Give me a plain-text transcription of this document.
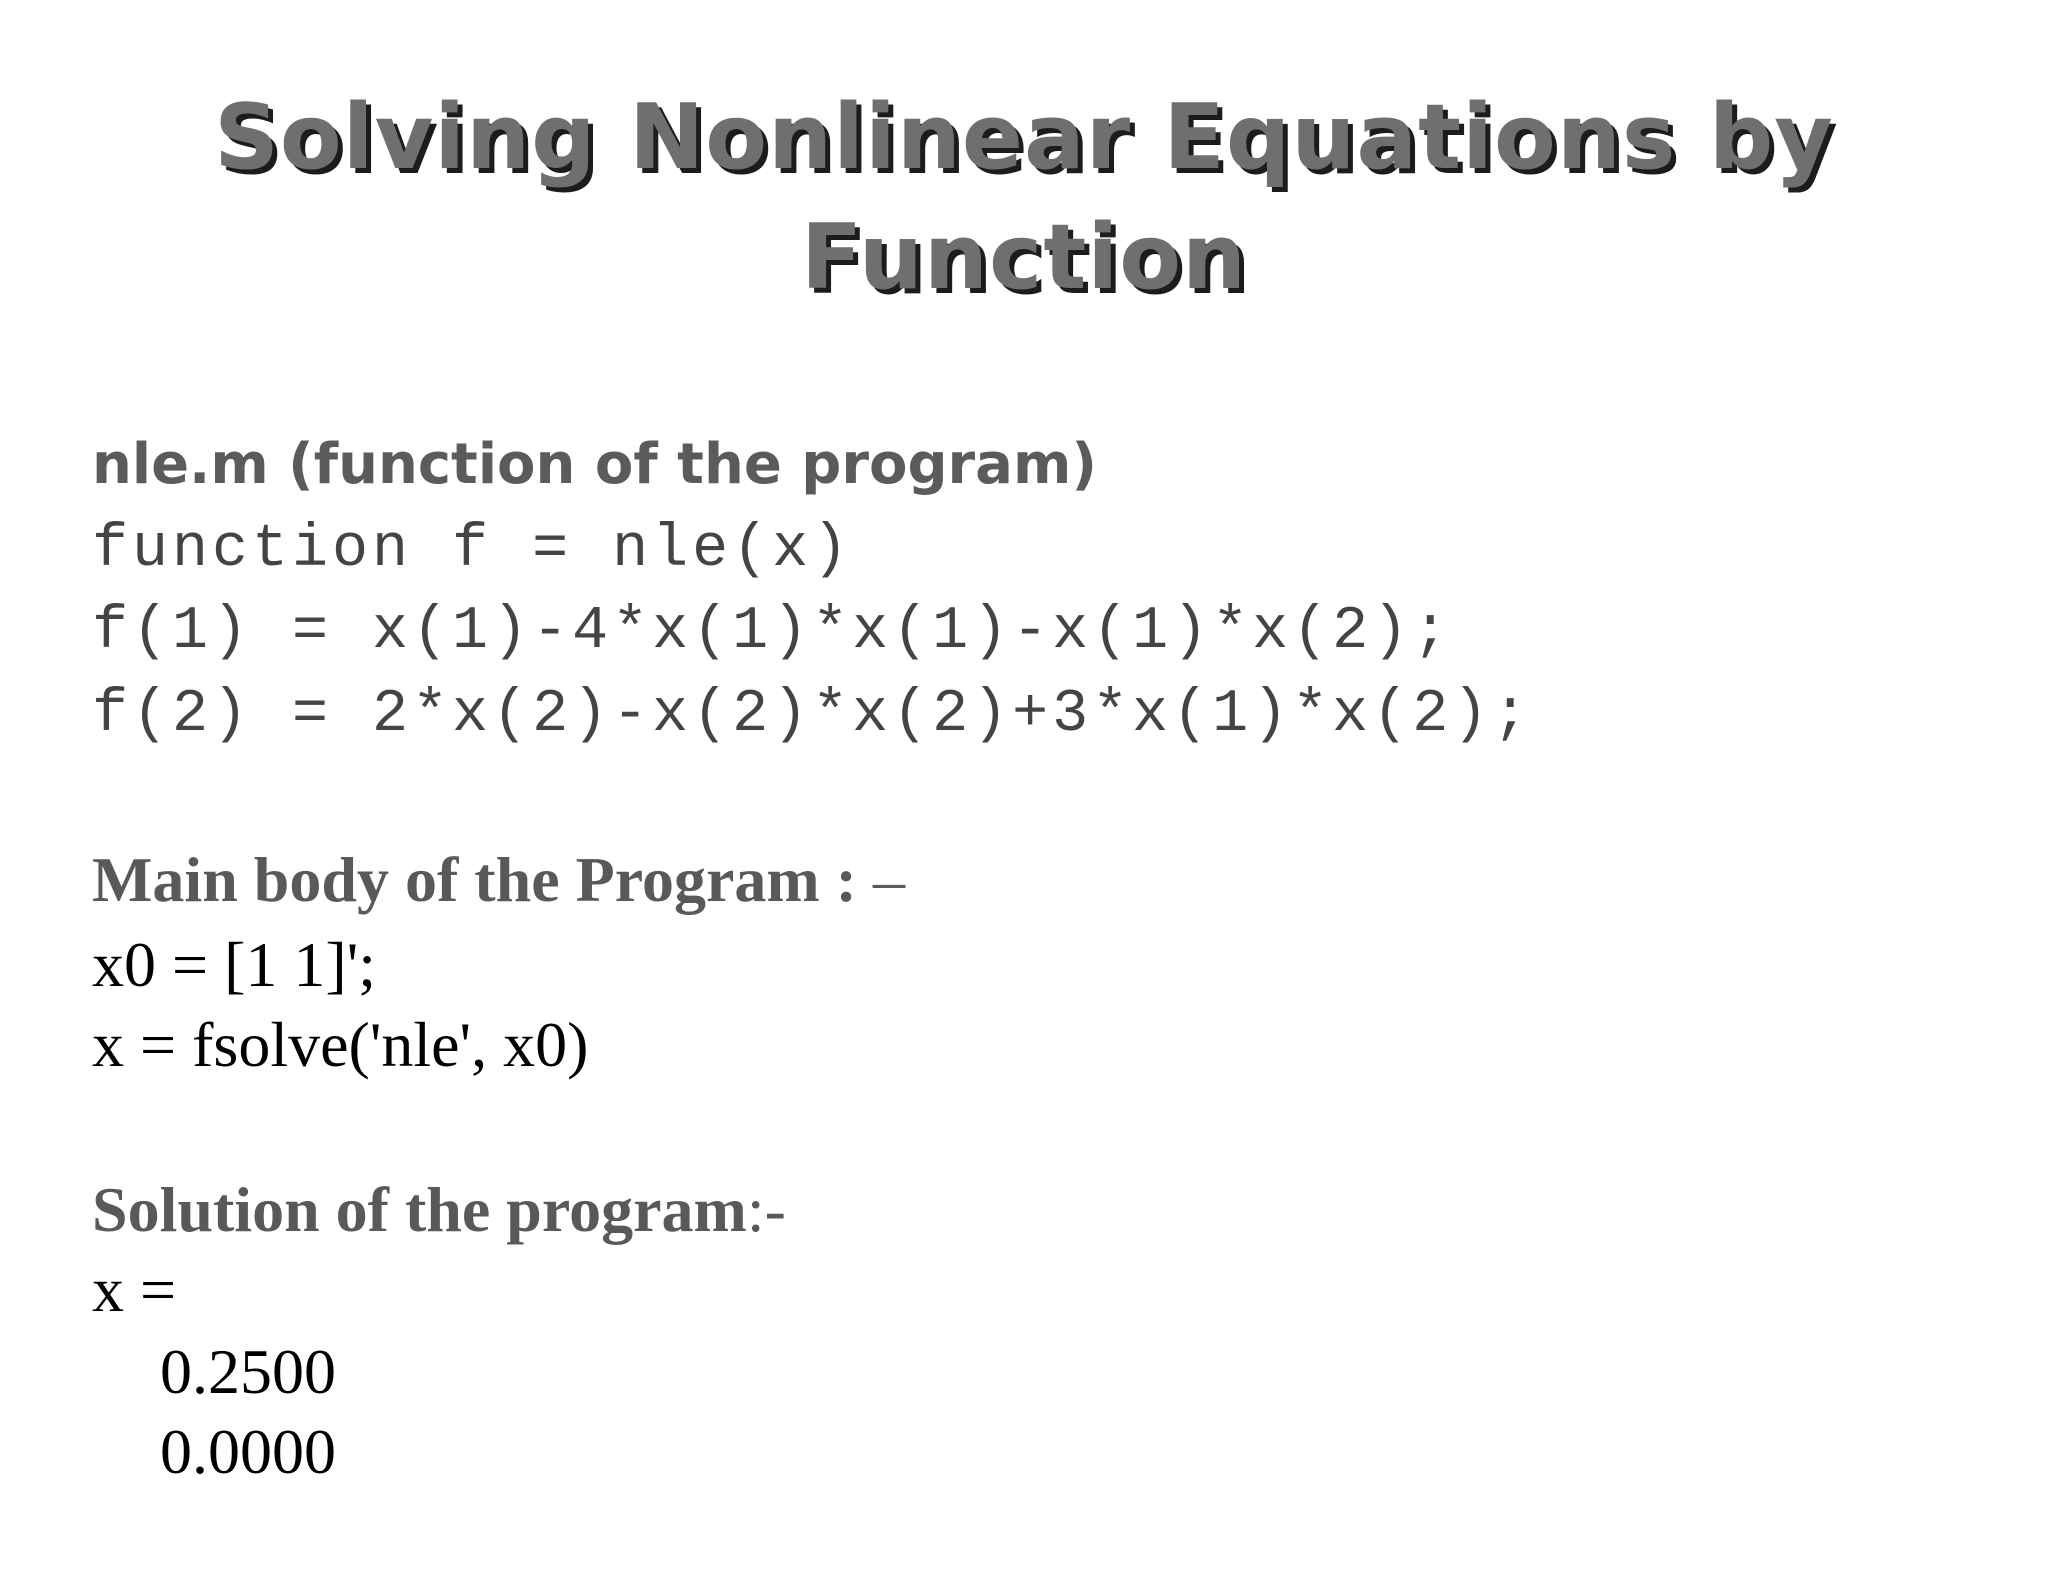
Solving Nonlinear Equations by
Function
nle.m (function of the program)
function f = nle(x)
f(1) = x(1)-4*x(1)*x(1)-x(1)*x(2);
f(2) = 2*x(2)-x(2)*x(2)+3*x(1)*x(2);
Main body of the Program : –
x0 = [1 1]';
x = fsolve('nle', x0)
Solution of the program:-
x =
0.2500
0.0000
